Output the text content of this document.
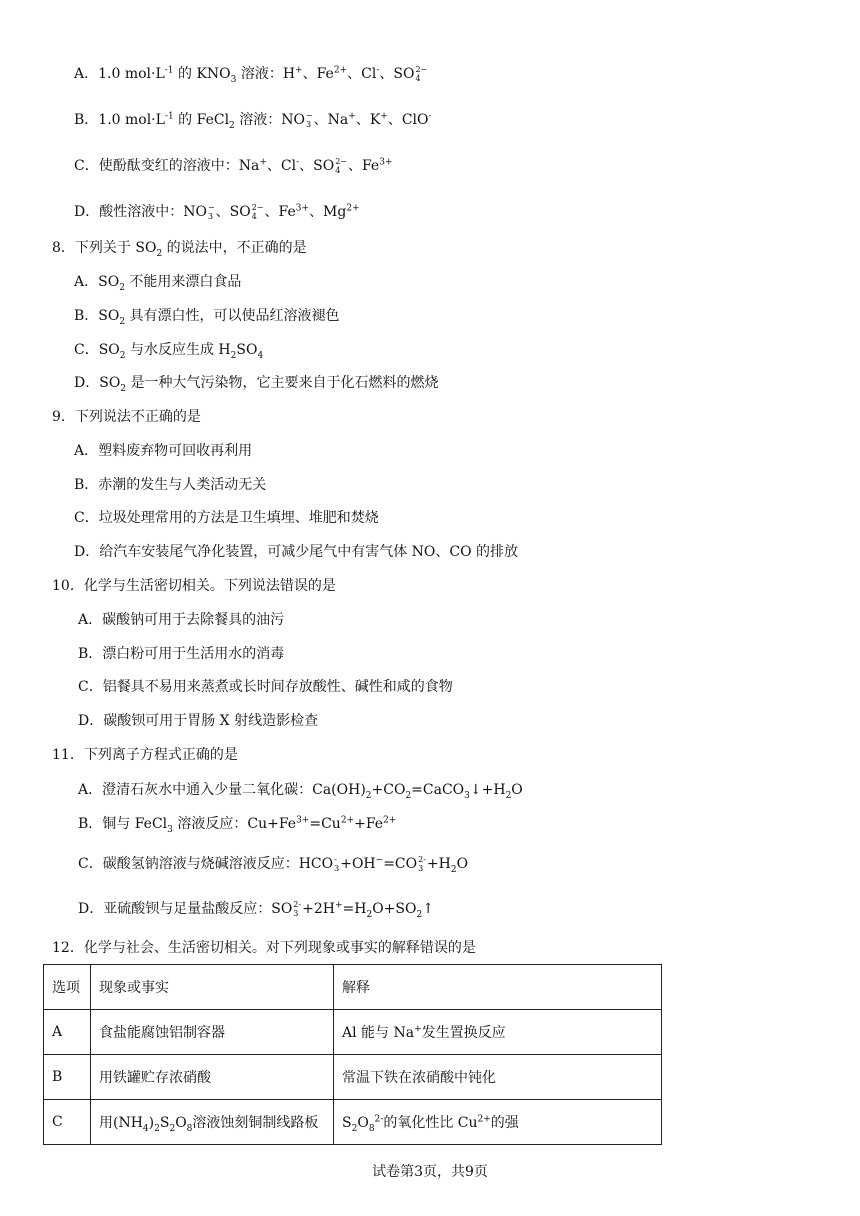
A．1.0 $mol\cdot L^{-1}$ 的 $KNO_3$ 溶液：H+、$Fe^{2+}$、Cl-、SO 2−
4
B．1.0 $mol\cdot L^{-1}$ 的 FeCl$_2$ 溶液：NO −
3 、Na+、K+、ClO-
C．使酚酞变红的溶液中：Na+、Cl-、SO 2−
4 、$Fe^{3+}$
D．酸性溶液中：NO −
3 、SO 2−
4 、$Fe^{3+}$、$Mg^{2+}$
8．下列关于 $SO_2$ 的说法中，不正确的是
A．$SO_2$ 不能用来漂白食品
B．$SO_2$ 具有漂白性，可以使品红溶液褪色
C．$SO_2$ 与水反应生成 $H_2SO_4$
D．$SO_2$ 是一种大气污染物，它主要来自于化石燃料的燃烧
9．下列说法不正确的是
A．塑料废弃物可回收再利用
B．赤潮的发生与人类活动无关
C．垃圾处理常用的方法是卫生填埋、堆肥和焚烧
D．给汽车安装尾气净化装置，可减少尾气中有害气体 NO、CO 的排放
10．化学与生活密切相关。下列说法错误的是
A．碳酸钠可用于去除餐具的油污
B．漂白粉可用于生活用水的消毒
C．铝餐具不易用来蒸煮或长时间存放酸性、碱性和咸的食物
D．碳酸钡可用于胃肠 X 射线造影检查
11．下列离子方程式正确的是
A．澄清石灰水中通入少量二氧化碳：$Ca(OH)_2+CO_2=CaCO_3↓+H_2O$
B．铜与 FeCl$_3$ 溶液反应：$Cu+Fe^{3+}=Cu^{2+}+Fe^{2+}$
C．碳酸氢钠溶液与烧碱溶液反应：HCO -
3 +OH−=CO 2-
$3 +H_2O$
D．亚硫酸钡与足量盐酸反应：SO 2-
$3 +2H^+=H_2O+SO_2↑$
12．化学与社会、生活密切相关。对下列现象或事实的解释错误的是
选项	现象或事实	解释
A	食盐能腐蚀铝制容器	Al 能与 Na+发生置换反应
B	用铁罐贮存浓硝酸	常温下铁在浓硝酸中钝化
C	用$(NH_4)_2S_2O_8$溶液蚀刻铜制线路板	$S_2O_8^{2-}$的氧化性比 $Cu^{2+}$的强
试卷第3页，共9页
